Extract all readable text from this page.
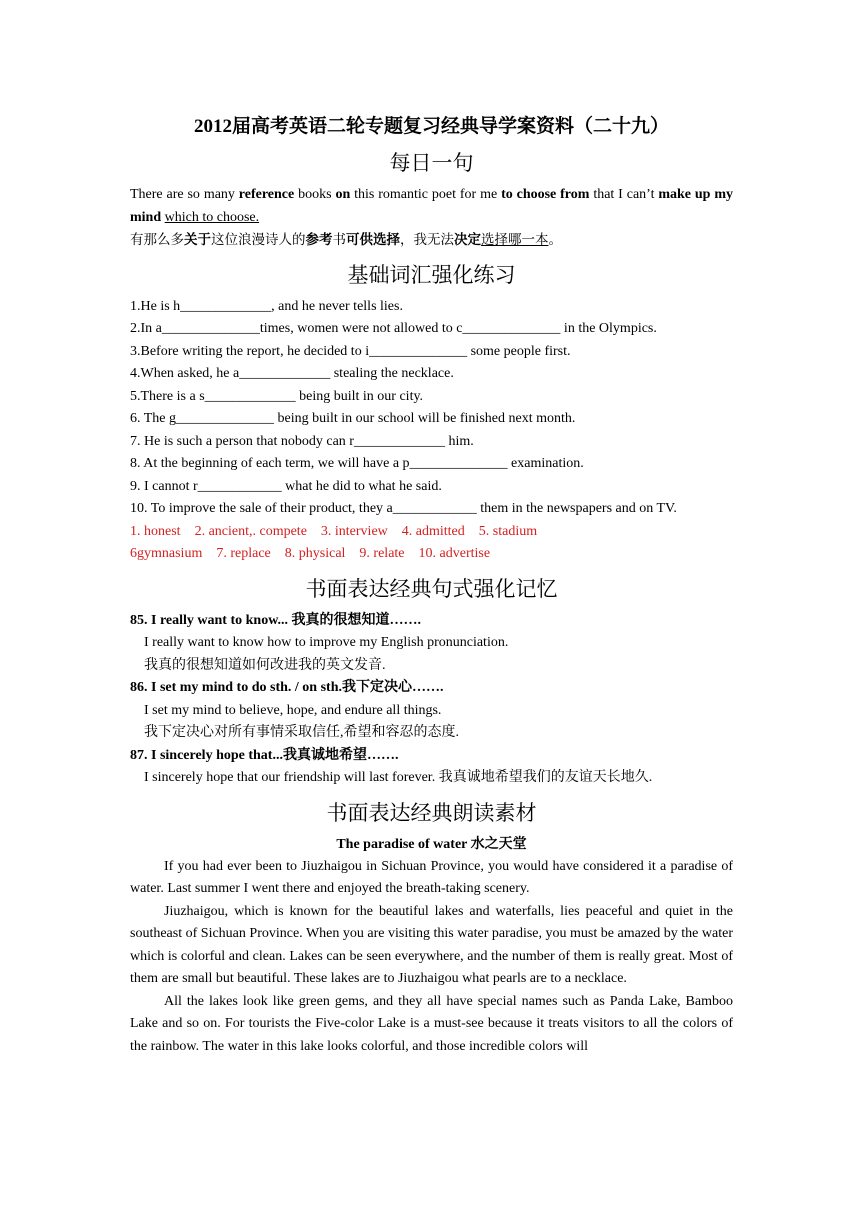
2012届高考英语二轮专题复习经典导学案资料（二十九）
每日一句

There are so many reference books on this romantic poet for me to choose from that I can’t make up my mind which to choose.

有那么多关于这位浪漫诗人的参考书可供选择，我无法决定选择哪一本。

基础词汇强化练习

1.He is h_____________, and he never tells lies.

2.In a______________times, women were not allowed to c______________ in the Olympics.

3.Before writing the report, he decided to i______________ some people first.

4.When asked, he a_____________ stealing the necklace.

5.There is a s_____________ being built in our city.

6. The g______________ being built in our school will be finished next month.

7. He is such a person that nobody can r_____________ him.

8. At the beginning of each term, we will have a p______________ examination.

9. I cannot r____________ what he did to what he said.

10. To improve the sale of their product, they a____________ them in the newspapers and on TV.

1. honest 2. ancient,. compete 3. interview 4. admitted 5. stadium

6gymnasium 7. replace 8. physical 9. relate 10. advertise

书面表达经典句式强化记忆

85. I really want to know... 我真的很想知道…….

I really want to know how to improve my English pronunciation.

我真的很想知道如何改进我的英文发音.

86. I set my mind to do sth. / on sth.我下定决心…….

I set my mind to believe, hope, and endure all things.

我下定决心对所有事情采取信任,希望和容忍的态度.

87. I sincerely hope that...我真诚地希望…….

I sincerely hope that our friendship will last forever. 我真诚地希望我们的友谊天长地久.

书面表达经典朗读素材
The paradise of water 水之天堂

If you had ever been to Jiuzhaigou in Sichuan Province, you would have considered it a paradise of water. Last summer I went there and enjoyed the breath-taking scenery.

Jiuzhaigou, which is known for the beautiful lakes and waterfalls, lies peaceful and quiet in the southeast of Sichuan Province. When you are visiting this water paradise, you must be amazed by the water which is colorful and clean. Lakes can be seen everywhere, and the number of them is really great. Most of them are small but beautiful. These lakes are to Jiuzhaigou what pearls are to a necklace.

All the lakes look like green gems, and they all have special names such as Panda Lake, Bamboo Lake and so on. For tourists the Five-color Lake is a must-see because it treats visitors to all the colors of the rainbow. The water in this lake looks colorful, and those incredible colors will
